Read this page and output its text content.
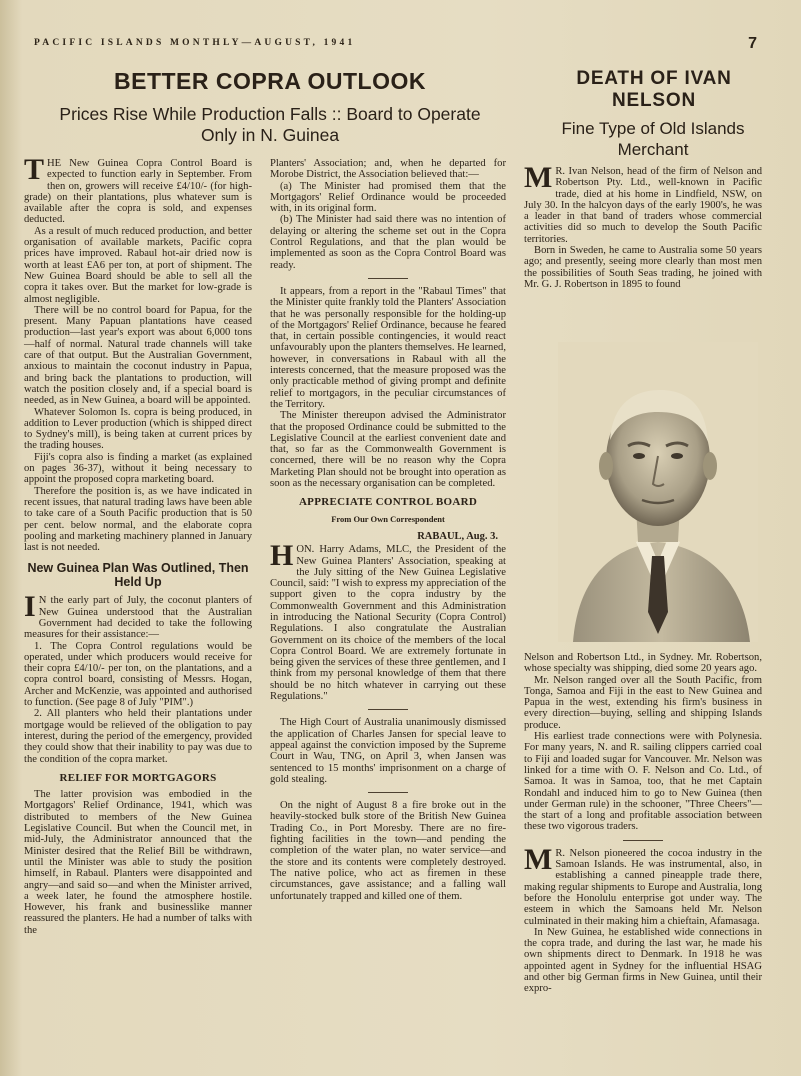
PACIFIC ISLANDS MONTHLY—AUGUST, 1941	7
BETTER COPRA OUTLOOK
Prices Rise While Production Falls :: Board to Operate Only in N. Guinea

THE New Guinea Copra Control Board is expected to function early in September. From then on, growers will receive £4/10/- (for high-grade) on their plantations, plus whatever sum is available after the copra is sold, and expenses deducted.

As a result of much reduced production, and better organisation of available markets, Pacific copra prices have improved. Rabaul hot-air dried now is worth at least £A6 per ton, at port of shipment. The New Guinea Board should be able to sell all the copra it takes over. But the market for low-grade is almost negligible.

There will be no control board for Papua, for the present. Many Papuan plantations have ceased production—last year's export was about 6,000 tons—half of normal. Natural trade channels will take care of that output. But the Australian Government, anxious to maintain the coconut industry in Papua, and bring back the plantations to production, will watch the position closely and, if a special board is needed, as in New Guinea, a board will be appointed.

Whatever Solomon Is. copra is being produced, in addition to Lever production (which is shipped direct to Sydney's mill), is being taken at current prices by the trading houses.

Fiji's copra also is finding a market (as explained on pages 36-37), without it being necessary to appoint the proposed copra marketing board.

Therefore the position is, as we have indicated in recent issues, that natural trading laws have been able to take care of a South Pacific production that is 50 per cent. below normal, and the elaborate copra pooling and marketing machinery planned in January last is not needed.

New Guinea Plan Was Outlined, Then Held Up

I N the early part of July, the coconut planters of New Guinea understood that the Australian Government had decided to take the following measures for their assistance:—

1. The Copra Control regulations would be operated, under which producers would receive for their copra £4/10/- per ton, on the plantations, and a copra control board, consisting of Messrs. Hogan, Archer and McKenzie, was appointed and authorised to function. (See page 8 of July "PIM".)

2. All planters who held their plantations under mortgage would be relieved of the obligation to pay interest, during the period of the emergency, provided they could show that their inability to pay was due to the condition of the copra market.

RELIEF FOR MORTGAGORS

The latter provision was embodied in the Mortgagors' Relief Ordinance, 1941, which was distributed to members of the New Guinea Legislative Council. But when the Council met, in mid-July, the Administrator announced that the Minister desired that the Relief Bill be withdrawn, until the Minister was able to study the position himself, in Rabaul. Planters were disappointed and angry—and said so—and when the Minister arrived, a week later, he found the atmosphere hostile. However, his frank and businesslike manner reassured the planters. He had a number of talks with the

Planters' Association; and, when he departed for Morobe District, the Association believed that:—

(a) The Minister had promised them that the Mortgagors' Relief Ordinance would be proceeded with, in its original form.

(b) The Minister had said there was no intention of delaying or altering the scheme set out in the Copra Control Regulations, and that the plan would be implemented as soon as the Copra Control Board was ready.

It appears, from a report in the "Rabaul Times" that the Minister quite frankly told the Planters' Association that he was personally responsible for the holding-up of the Mortgagors' Relief Ordinance, because he feared that, in certain possible contingencies, it would react unfavourably upon the planters themselves. He learned, however, in conversations in Rabaul with all the interests concerned, that the measure proposed was the only practicable method of giving prompt and definite relief to mortgagors, in the peculiar circumstances of the Territory.

The Minister thereupon advised the Administrator that the proposed Ordinance could be submitted to the Legislative Council at the earliest convenient date and that, so far as the Commonwealth Government is concerned, there will be no reason why the Copra Marketing Plan should not be brought into operation as soon as the necessary organisation can be completed.

APPRECIATE CONTROL BOARD
From Our Own Correspondent
RABAUL, Aug. 3.

HON. Harry Adams, MLC, the President of the New Guinea Planters' Association, speaking at the July sitting of the New Guinea Legislative Council, said: "I wish to express my appreciation of the support given to the copra industry by the Commonwealth Government and this Administration in introducing the National Security (Copra Control) Regulations. I also congratulate the Australian Government on its choice of the members of the local Copra Control Board. We are extremely fortunate in being given the services of these three gentlemen, and I think from my personal knowledge of them that there should be no hitch whatever in carrying out these Regulations."

The High Court of Australia unanimously dismissed the application of Charles Jansen for special leave to appeal against the conviction imposed by the Supreme Court in Wau, TNG, on April 3, when Jansen was sentenced to 15 months' imprisonment on a charge of gold stealing.

On the night of August 8 a fire broke out in the heavily-stocked bulk store of the British New Guinea Trading Co., in Port Moresby. There are no fire-fighting facilities in the town—and pending the completion of the water plan, no water service—and the store and its contents were completely destroyed. The native police, who act as firemen in these circumstances, gave assistance; and a falling wall unfortunately trapped and killed one of them.

DEATH OF IVAN NELSON
Fine Type of Old Islands Merchant

M R. Ivan Nelson, head of the firm of Nelson and Robertson Pty. Ltd., well-known in Pacific trade, died at his home in Lindfield, NSW, on July 30. In the halcyon days of the early 1900's, he was a leader in that band of traders whose commercial activities did so much to develop the South Pacific territories.

Born in Sweden, he came to Australia some 50 years ago; and presently, seeing more clearly than most men the possibilities of South Seas trading, he joined with Mr. G. J. Robertson in 1895 to found

Nelson and Robertson Ltd., in Sydney. Mr. Robertson, whose specialty was shipping, died some 20 years ago.

Mr. Nelson ranged over all the South Pacific, from Tonga, Samoa and Fiji in the east to New Guinea and Papua in the west, extending his firm's business in every direction—buying, selling and shipping Islands produce.

His earliest trade connections were with Polynesia. For many years, N. and R. sailing clippers carried coal to Fiji and loaded sugar for Vancouver. Mr. Nelson was linked for a time with O. F. Nelson and Co. Ltd., of Samoa. It was in Samoa, too, that he met Captain Rondahl and induced him to go to New Guinea (then under German rule) in the schooner, "Three Cheers"—the start of a long and profitable association between these two vigorous traders.

M R. Nelson pioneered the cocoa industry in the Samoan Islands. He was instrumental, also, in establishing a canned pineapple trade there, making regular shipments to Europe and Australia, long before the Honolulu enterprise got under way. The esteem in which the Samoans held Mr. Nelson culminated in their making him a chieftain, Afamasaga.

In New Guinea, he established wide connections in the copra trade, and during the last war, he made his own shipments direct to Denmark. In 1918 he was appointed agent in Sydney for the influential HSAG and other big German firms in New Guinea, until their expro-
